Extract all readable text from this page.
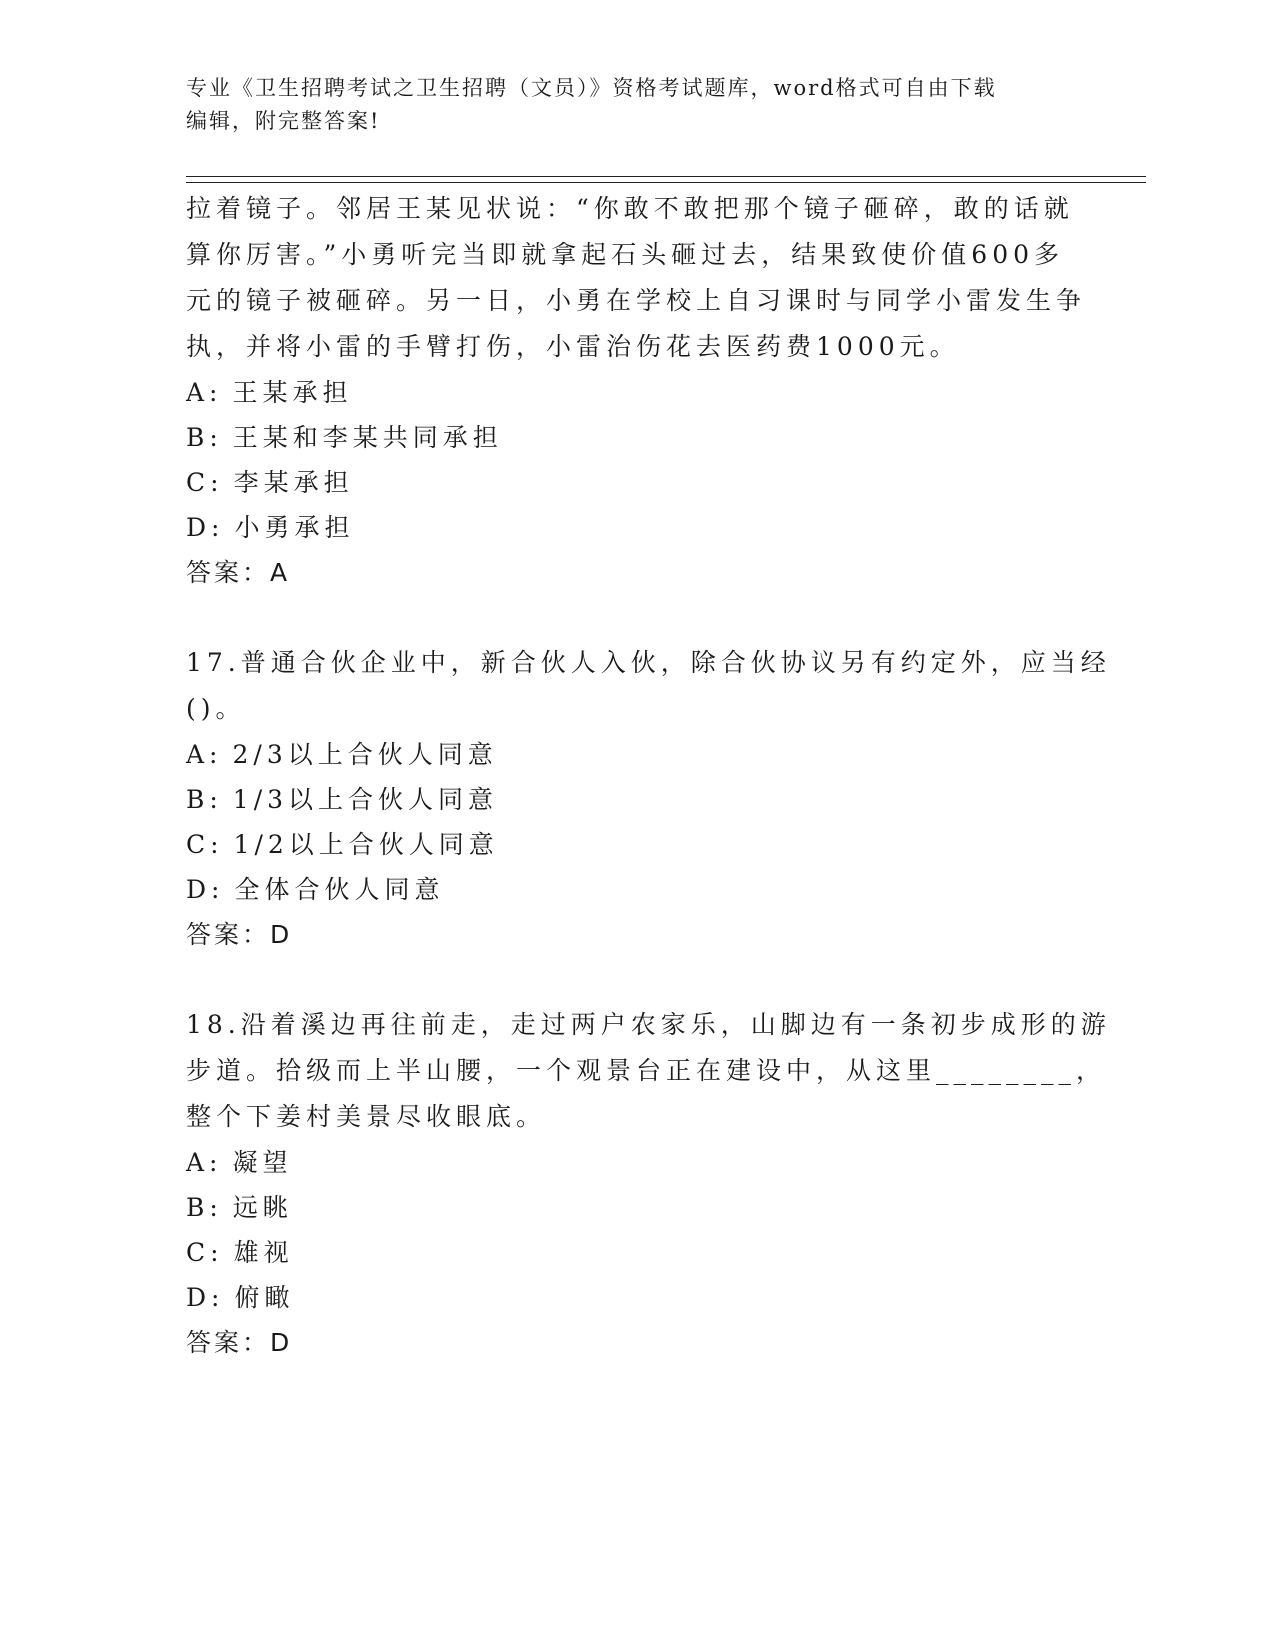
专业《卫生招聘考试之卫生招聘（文员）》资格考试题库，word格式可自由下载
编辑，附完整答案!
拉着镜子。邻居王某见状说：“你敢不敢把那个镜子砸碎，敢的话就
算你厉害。”小勇听完当即就拿起石头砸过去，结果致使价值600多
元的镜子被砸碎。另一日，小勇在学校上自习课时与同学小雷发生争
执，并将小雷的手臂打伤，小雷治伤花去医药费1000元。
A: 王某承担
B: 王某和李某共同承担
C: 李某承担
D: 小勇承担
答案：A
17.普通合伙企业中，新合伙人入伙，除合伙协议另有约定外，应当经
()。
A: 2/3以上合伙人同意
B: 1/3以上合伙人同意
C: 1/2以上合伙人同意
D: 全体合伙人同意
答案：D
18.沿着溪边再往前走，走过两户农家乐，山脚边有一条初步成形的游
步道。拾级而上半山腰，一个观景台正在建设中，从这里________，
整个下姜村美景尽收眼底。
A: 凝望
B: 远眺
C: 雄视
D: 俯瞰
答案：D
